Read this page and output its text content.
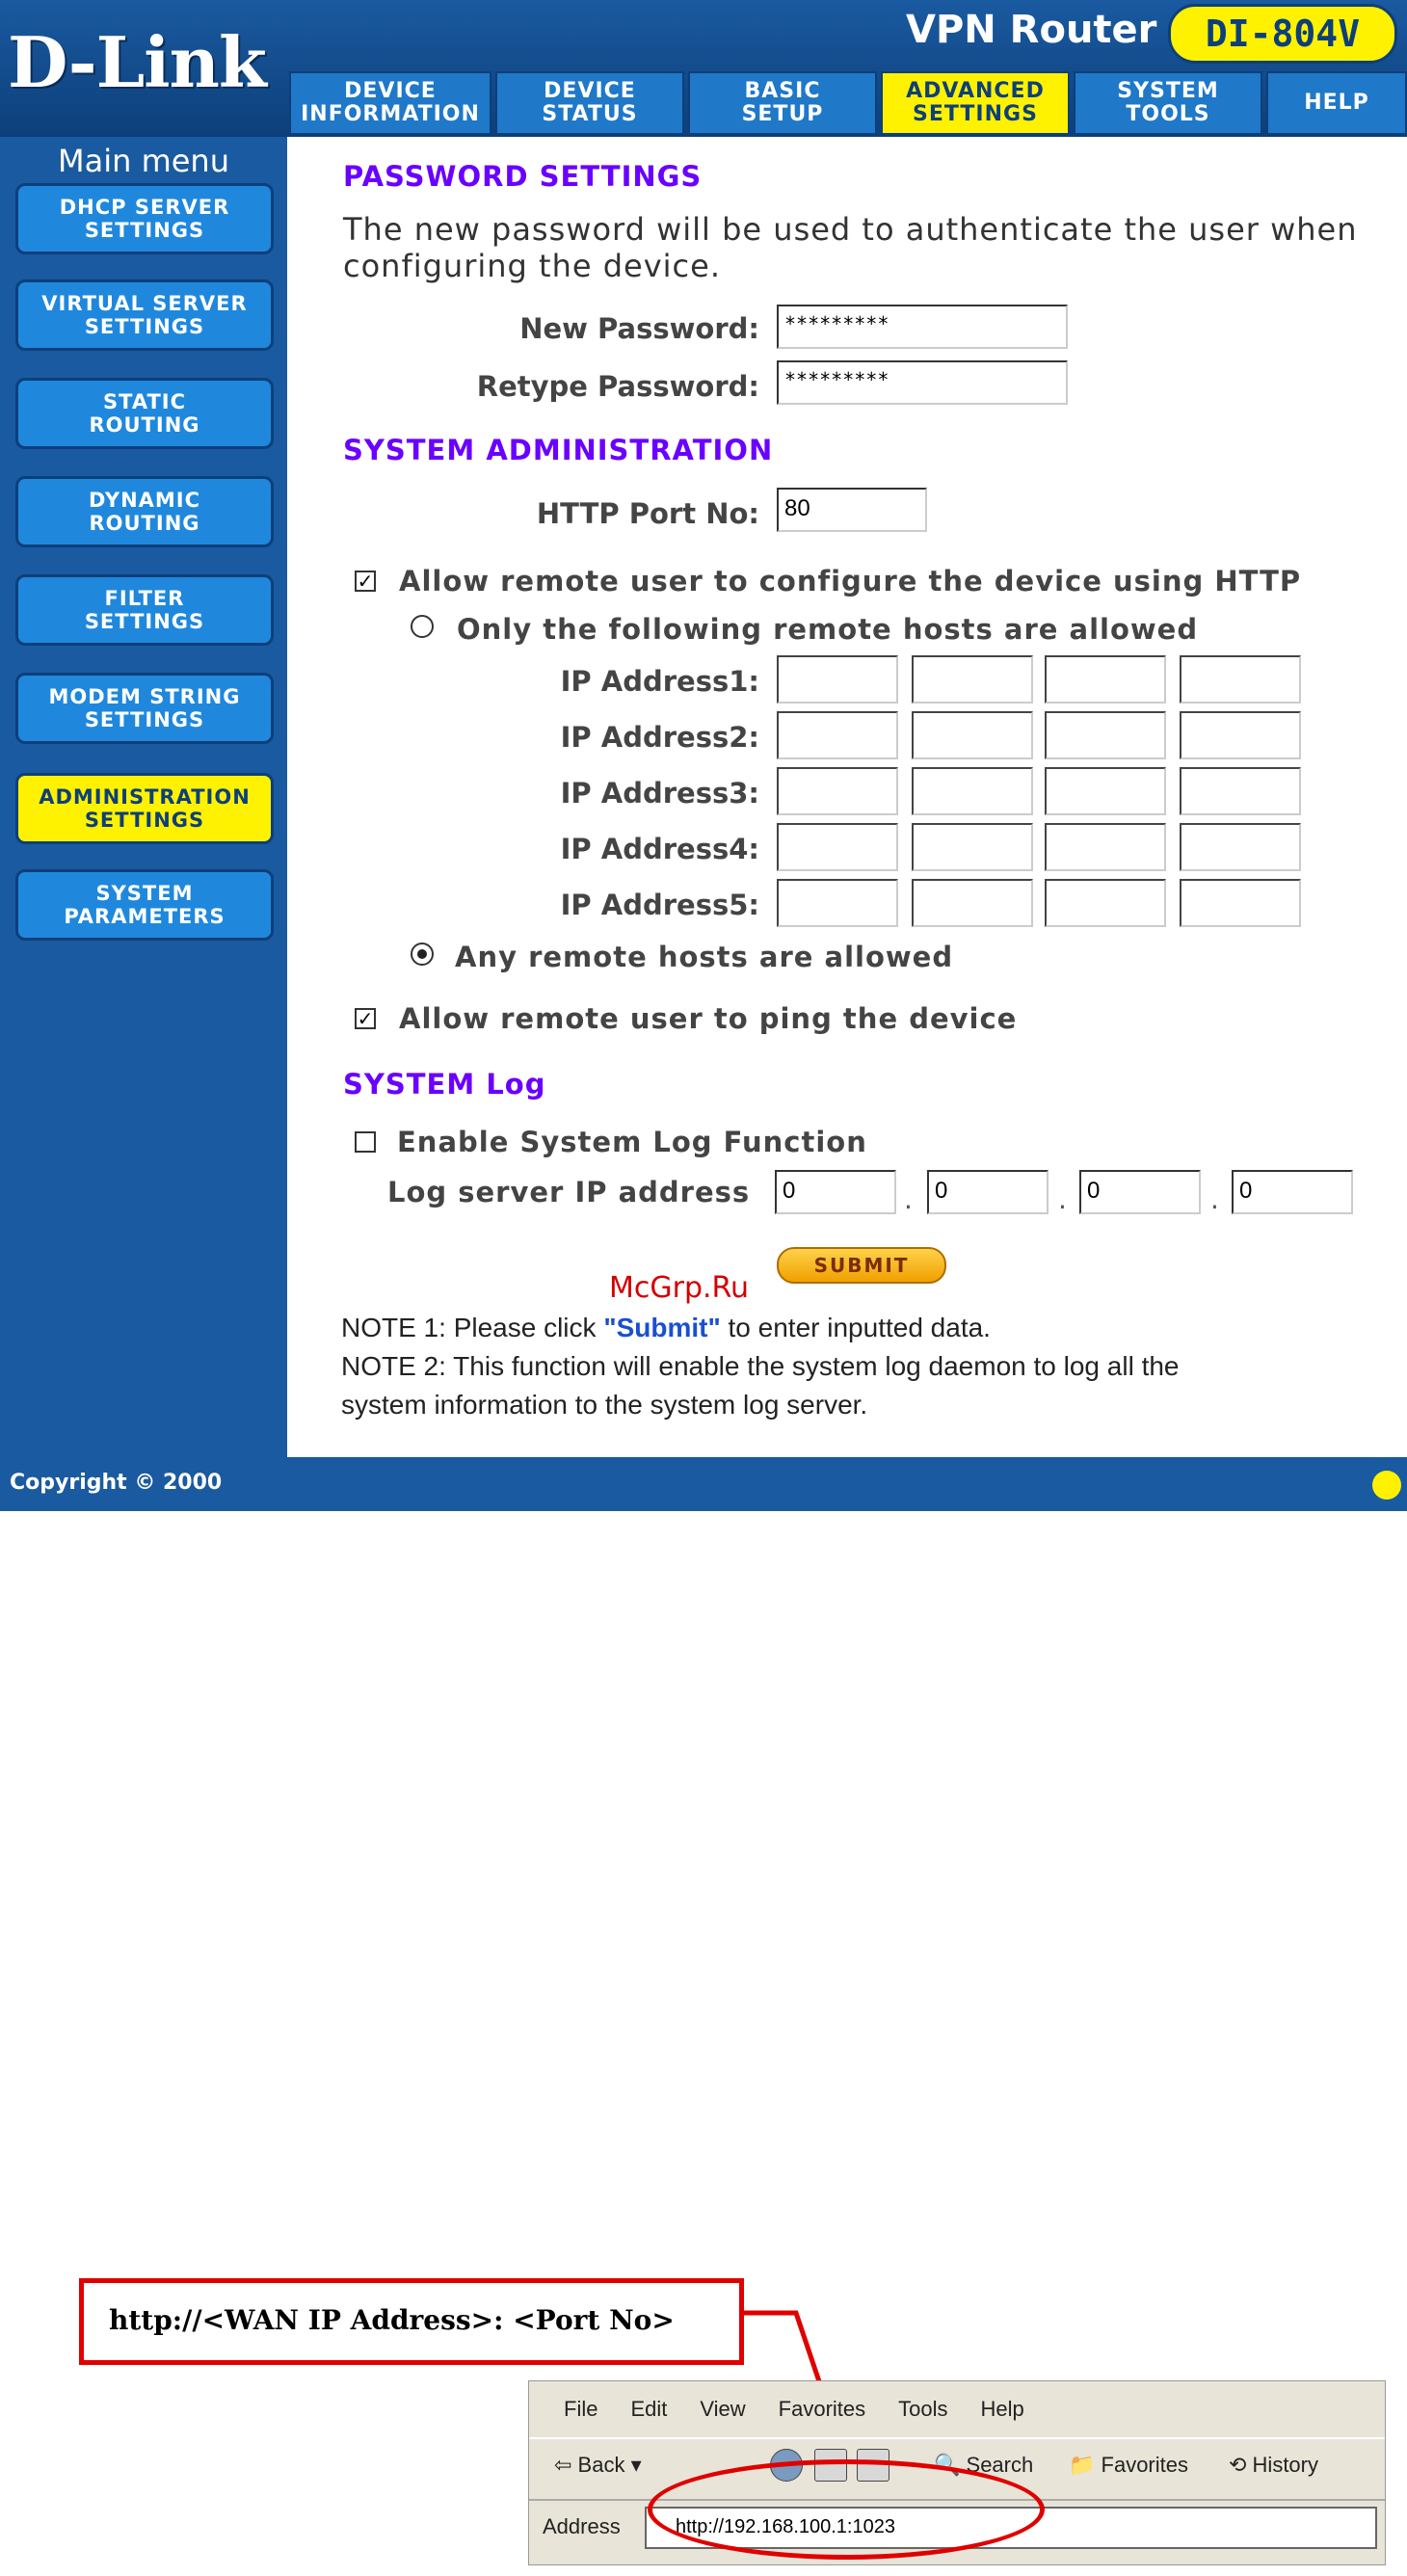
D-Link	VPN Router	DI-804V
DEVICE
INFORMATION
DEVICE
STATUS
BASIC
SETUP
ADVANCED
SETTINGS
SYSTEM
TOOLS	HELP
Main menu
DHCP SERVER
SETTINGS
VIRTUAL SERVER
SETTINGS
STATIC
ROUTING
DYNAMIC
ROUTING
FILTER
SETTINGS
MODEM STRING
SETTINGS
ADMINISTRATION
SETTINGS
SYSTEM
PARAMETERS
PASSWORD SETTINGS
The new password will be used to authenticate the user when
configuring the device.
New Password:	*********
Retype Password:	*********
SYSTEM ADMINISTRATION
HTTP Port No:	80
✓ Allow remote user to configure the device using HTTP
Only the following remote hosts are allowed
IP Address1:
IP Address2:
IP Address3:
IP Address4:
IP Address5:
Any remote hosts are allowed
✓ Allow remote user to ping the device
SYSTEM Log
Enable System Log Function
Log server IP address	0	. 0	. 0	. 0
SUBMIT
McGrp.Ru
NOTE 1: Please click "Submit" to enter inputted data.
NOTE 2: This function will enable the system log daemon to log all the
system information to the system log server.
Copyright © 2000
http://<WAN IP Address>: <Port No>
File Edit View Favorites Tools Help
⇦ Back ▾	🔍 Search 📁 Favorites ⟲ History
Address	http://192.168.100.1:1023
